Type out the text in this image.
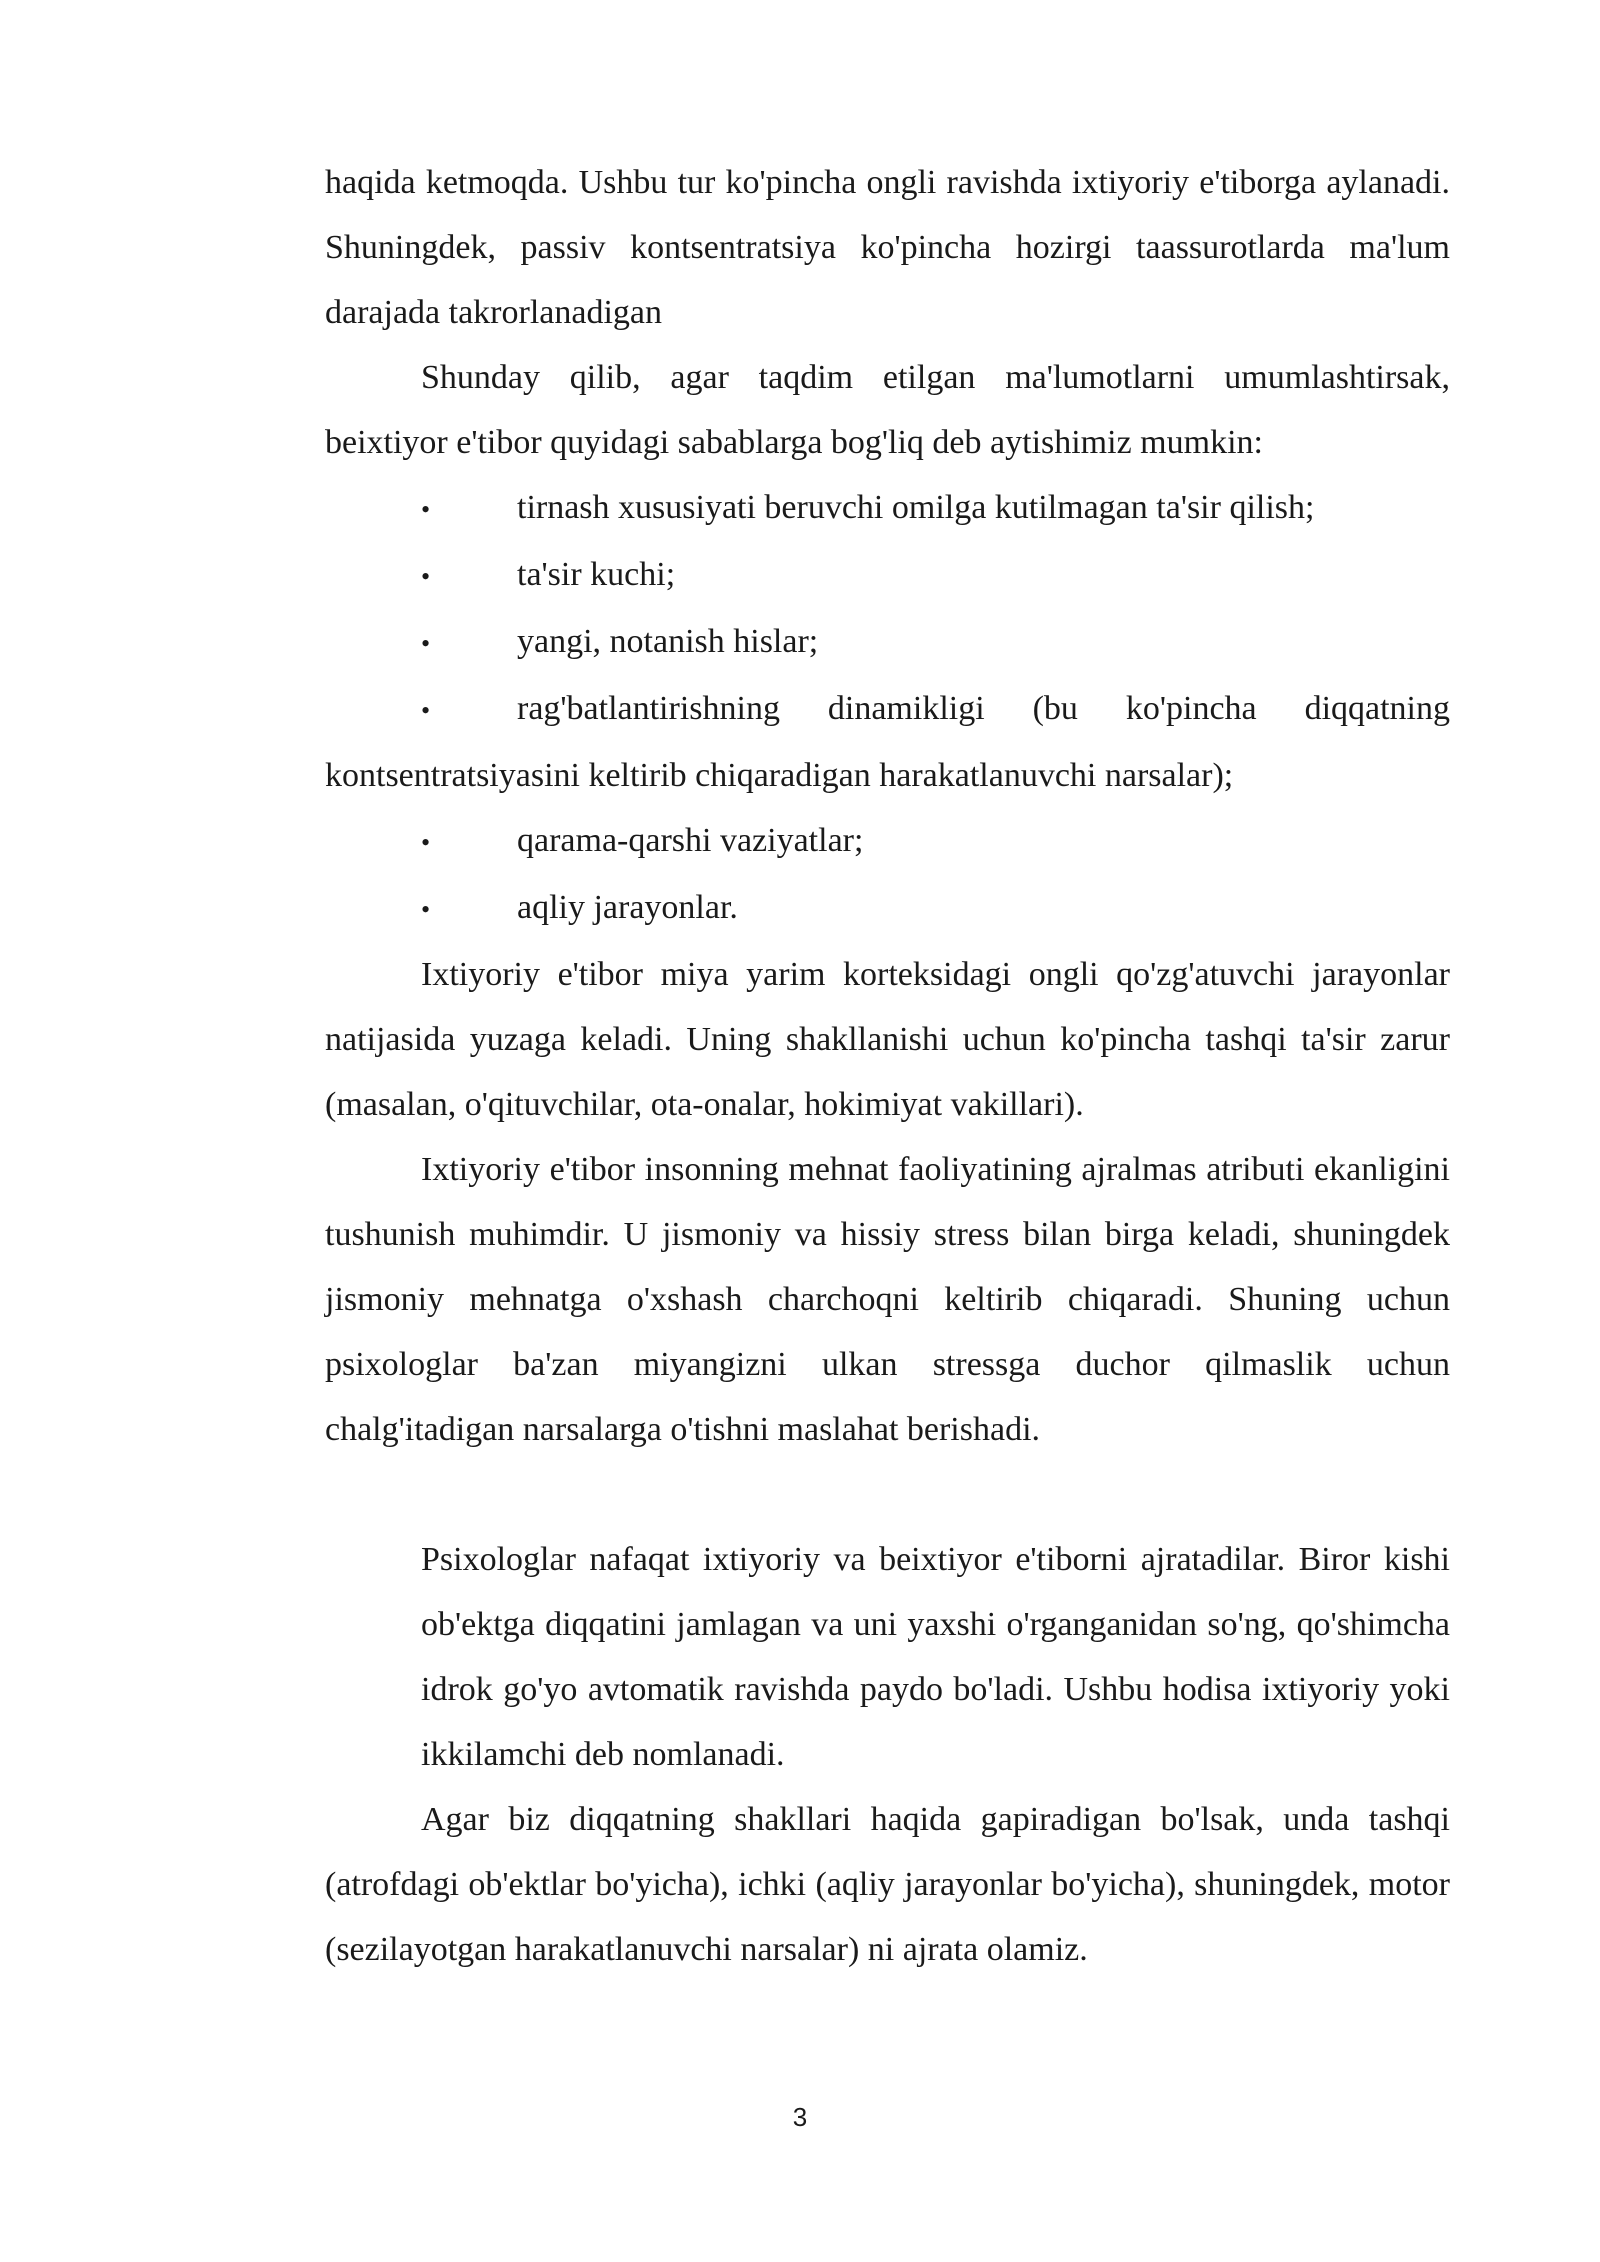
haqida ketmoqda. Ushbu tur ko'pincha ongli ravishda ixtiyoriy e'tiborga aylanadi. Shuningdek, passiv kontsentratsiya ko'pincha hozirgi taassurotlarda ma'lum darajada takrorlanadigan

Shunday qilib, agar taqdim etilgan ma'lumotlarni umumlashtirsak, beixtiyor e'tibor quyidagi sabablarga bog'liq deb aytishimiz mumkin:

•	tirnash xususiyati beruvchi omilga kutilmagan ta'sir qilish;

•	ta'sir kuchi;

•	yangi, notanish hislar;

•	rag'batlantirishning dinamikligi (bu ko'pincha diqqatning kontsentratsiyasini keltirib chiqaradigan harakatlanuvchi narsalar);

•	qarama-qarshi vaziyatlar;

•	aqliy jarayonlar.

Ixtiyoriy e'tibor miya yarim korteksidagi ongli qo'zg'atuvchi jarayonlar natijasida yuzaga keladi. Uning shakllanishi uchun ko'pincha tashqi ta'sir zarur (masalan, o'qituvchilar, ota-onalar, hokimiyat vakillari).

Ixtiyoriy e'tibor insonning mehnat faoliyatining ajralmas atributi ekanligini tushunish muhimdir. U jismoniy va hissiy stress bilan birga keladi, shuningdek jismoniy mehnatga o'xshash charchoqni keltirib chiqaradi. Shuning uchun psixologlar ba'zan miyangizni ulkan stressga duchor qilmaslik uchun chalg'itadigan narsalarga o'tishni maslahat berishadi.

Psixologlar nafaqat ixtiyoriy va beixtiyor e'tiborni ajratadilar. Biror kishi ob'ektga diqqatini jamlagan va uni yaxshi o'rganganidan so'ng, qo'shimcha idrok go'yo avtomatik ravishda paydo bo'ladi. Ushbu hodisa ixtiyoriy yoki ikkilamchi deb nomlanadi.

Agar biz diqqatning shakllari haqida gapiradigan bo'lsak, unda tashqi (atrofdagi ob'ektlar bo'yicha), ichki (aqliy jarayonlar bo'yicha), shuningdek, motor (sezilayotgan harakatlanuvchi narsalar) ni ajrata olamiz.

3
